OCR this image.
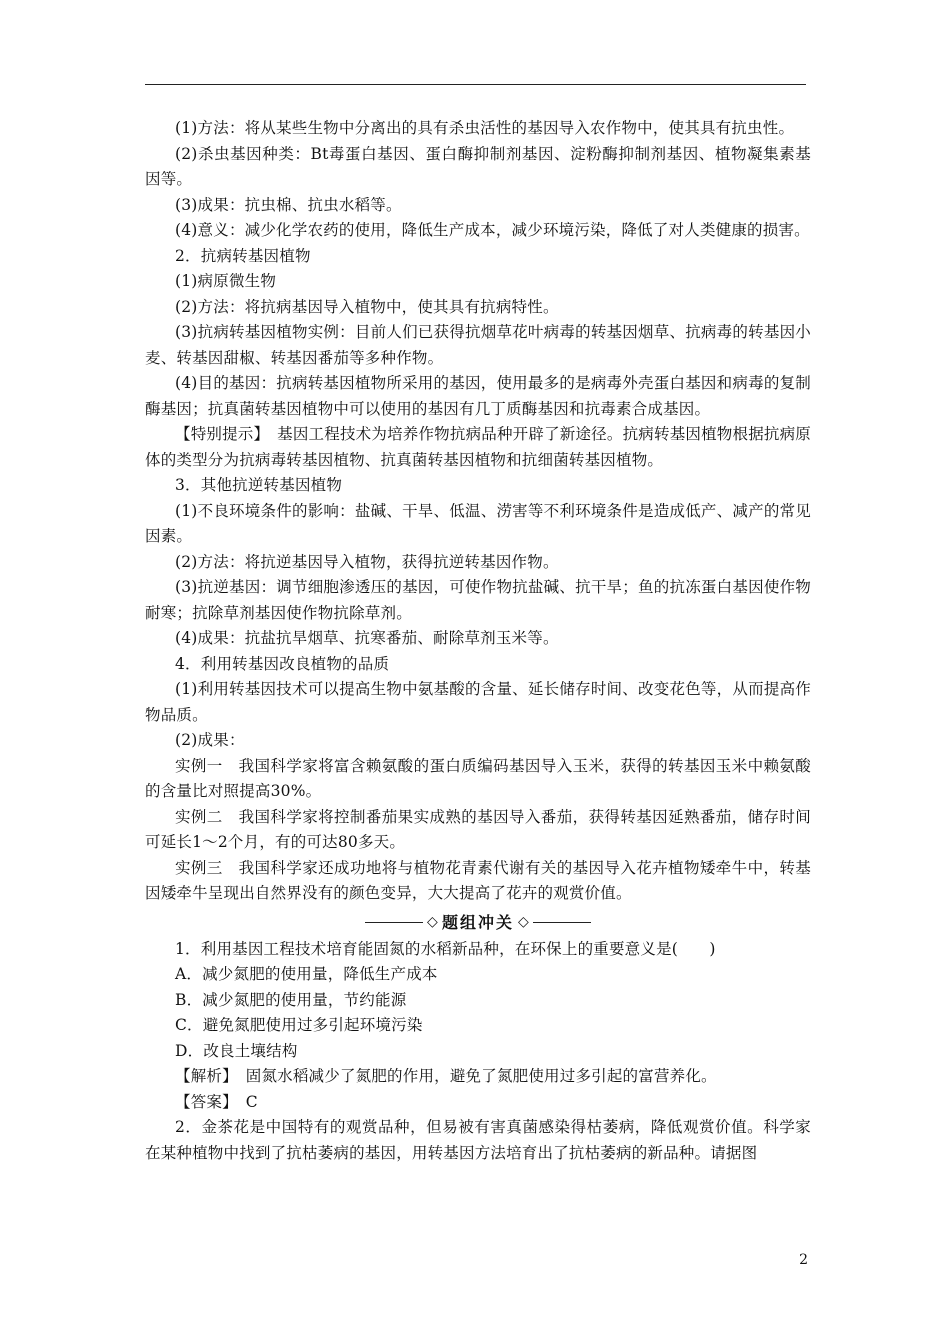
(1)方法：将从某些生物中分离出的具有杀虫活性的基因导入农作物中，使其具有抗虫性。

(2)杀虫基因种类：Bt毒蛋白基因、蛋白酶抑制剂基因、淀粉酶抑制剂基因、植物凝集素基因等。

(3)成果：抗虫棉、抗虫水稻等。

(4)意义：减少化学农药的使用，降低生产成本，减少环境污染，降低了对人类健康的损害。

2．抗病转基因植物

(1)病原微生物

(2)方法：将抗病基因导入植物中，使其具有抗病特性。

(3)抗病转基因植物实例：目前人们已获得抗烟草花叶病毒的转基因烟草、抗病毒的转基因小麦、转基因甜椒、转基因番茄等多种作物。

(4)目的基因：抗病转基因植物所采用的基因，使用最多的是病毒外壳蛋白基因和病毒的复制酶基因；抗真菌转基因植物中可以使用的基因有几丁质酶基因和抗毒素合成基因。

【特别提示】　基因工程技术为培养作物抗病品种开辟了新途径。抗病转基因植物根据抗病原体的类型分为抗病毒转基因植物、抗真菌转基因植物和抗细菌转基因植物。

3．其他抗逆转基因植物

(1)不良环境条件的影响：盐碱、干旱、低温、涝害等不利环境条件是造成低产、减产的常见因素。

(2)方法：将抗逆基因导入植物，获得抗逆转基因作物。

(3)抗逆基因：调节细胞渗透压的基因，可使作物抗盐碱、抗干旱；鱼的抗冻蛋白基因使作物耐寒；抗除草剂基因使作物抗除草剂。

(4)成果：抗盐抗旱烟草、抗寒番茄、耐除草剂玉米等。

4．利用转基因改良植物的品质

(1)利用转基因技术可以提高生物中氨基酸的含量、延长储存时间、改变花色等，从而提高作物品质。

(2)成果：

实例一　我国科学家将富含赖氨酸的蛋白质编码基因导入玉米，获得的转基因玉米中赖氨酸的含量比对照提高30%。

实例二　我国科学家将控制番茄果实成熟的基因导入番茄，获得转基因延熟番茄，储存时间可延长1～2个月，有的可达80多天。

实例三　我国科学家还成功地将与植物花青素代谢有关的基因导入花卉植物矮牵牛中，转基因矮牵牛呈现出自然界没有的颜色变异，大大提高了花卉的观赏价值。

◇ 题组冲关 ◇

1．利用基因工程技术培育能固氮的水稻新品种，在环保上的重要意义是(　　)

A．减少氮肥的使用量，降低生产成本

B．减少氮肥的使用量，节约能源

C．避免氮肥使用过多引起环境污染

D．改良土壤结构

【解析】　固氮水稻减少了氮肥的作用，避免了氮肥使用过多引起的富营养化。

【答案】　C

2．金茶花是中国特有的观赏品种，但易被有害真菌感染得枯萎病，降低观赏价值。科学家在某种植物中找到了抗枯萎病的基因，用转基因方法培育出了抗枯萎病的新品种。请据图

2
